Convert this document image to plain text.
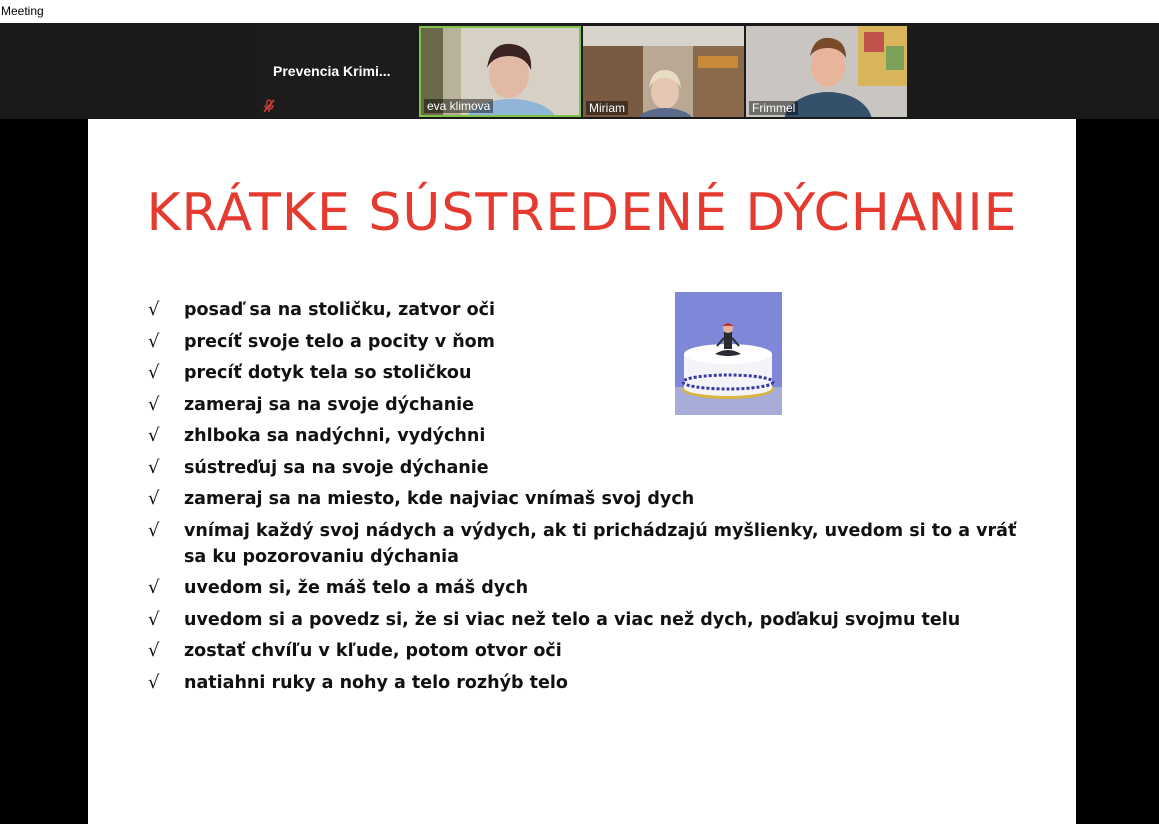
Meeting
Prevencia Krimi...
eva klimova	Miriam	Frimmel
KRÁTKE SÚSTREDENÉ DÝCHANIE
√ posaď sa na stoličku, zatvor oči
√ precíť svoje telo a pocity v ňom
√ precíť dotyk tela so stoličkou
√ zameraj sa na svoje dýchanie
√ zhlboka sa nadýchni, vydýchni
√ sústreďuj sa na svoje dýchanie
√ zameraj sa na miesto, kde najviac vnímaš svoj dych
√ vnímaj každý svoj nádych a výdych, ak ti prichádzajú myšlienky, uvedom si to a vráť sa ku pozorovaniu dýchania
√ uvedom si, že máš telo a máš dych
√ uvedom si a povedz si, že si viac než telo a viac než dych, poďakuj svojmu telu
√ zostať chvíľu v kľude, potom otvor oči
√ natiahni ruky a nohy a telo rozhýb telo
